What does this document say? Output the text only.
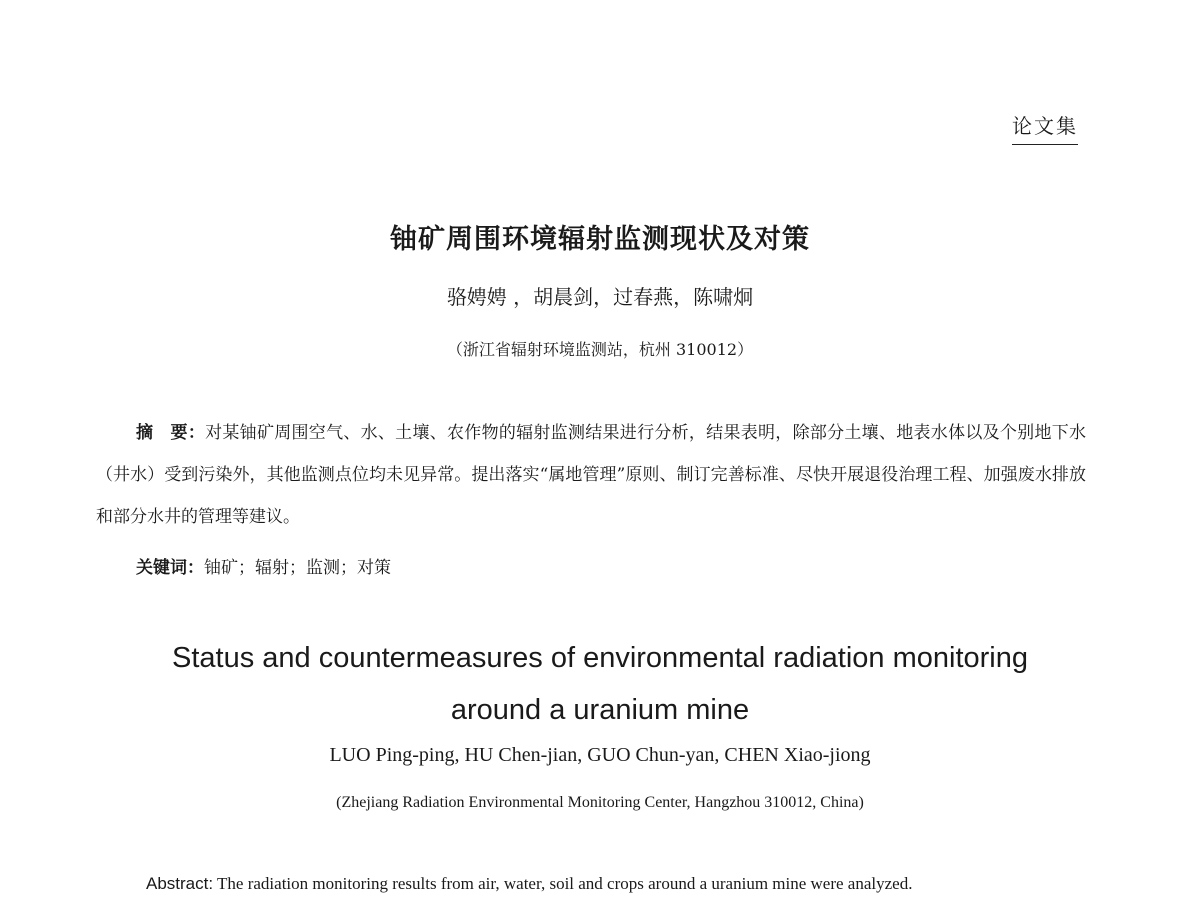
论文集
铀矿周围环境辐射监测现状及对策
骆娉娉 ，胡晨剑，过春燕，陈啸炯
（浙江省辐射环境监测站，杭州 310012）
摘　要：对某铀矿周围空气、水、土壤、农作物的辐射监测结果进行分析，结果表明，除部分土壤、地表水体以及个别地下水（井水）受到污染外，其他监测点位均未见异常。提出落实“属地管理”原则、制订完善标准、尽快开展退役治理工程、加强废水排放和部分水井的管理等建议。
关键词：铀矿；辐射；监测；对策
Status and countermeasures of environmental radiation monitoring
around a uranium mine
LUO Ping-ping, HU Chen-jian, GUO Chun-yan, CHEN Xiao-jiong
(Zhejiang Radiation Environmental Monitoring Center, Hangzhou 310012, China)
Abstract: The radiation monitoring results from air, water, soil and crops around a uranium mine were analyzed.
